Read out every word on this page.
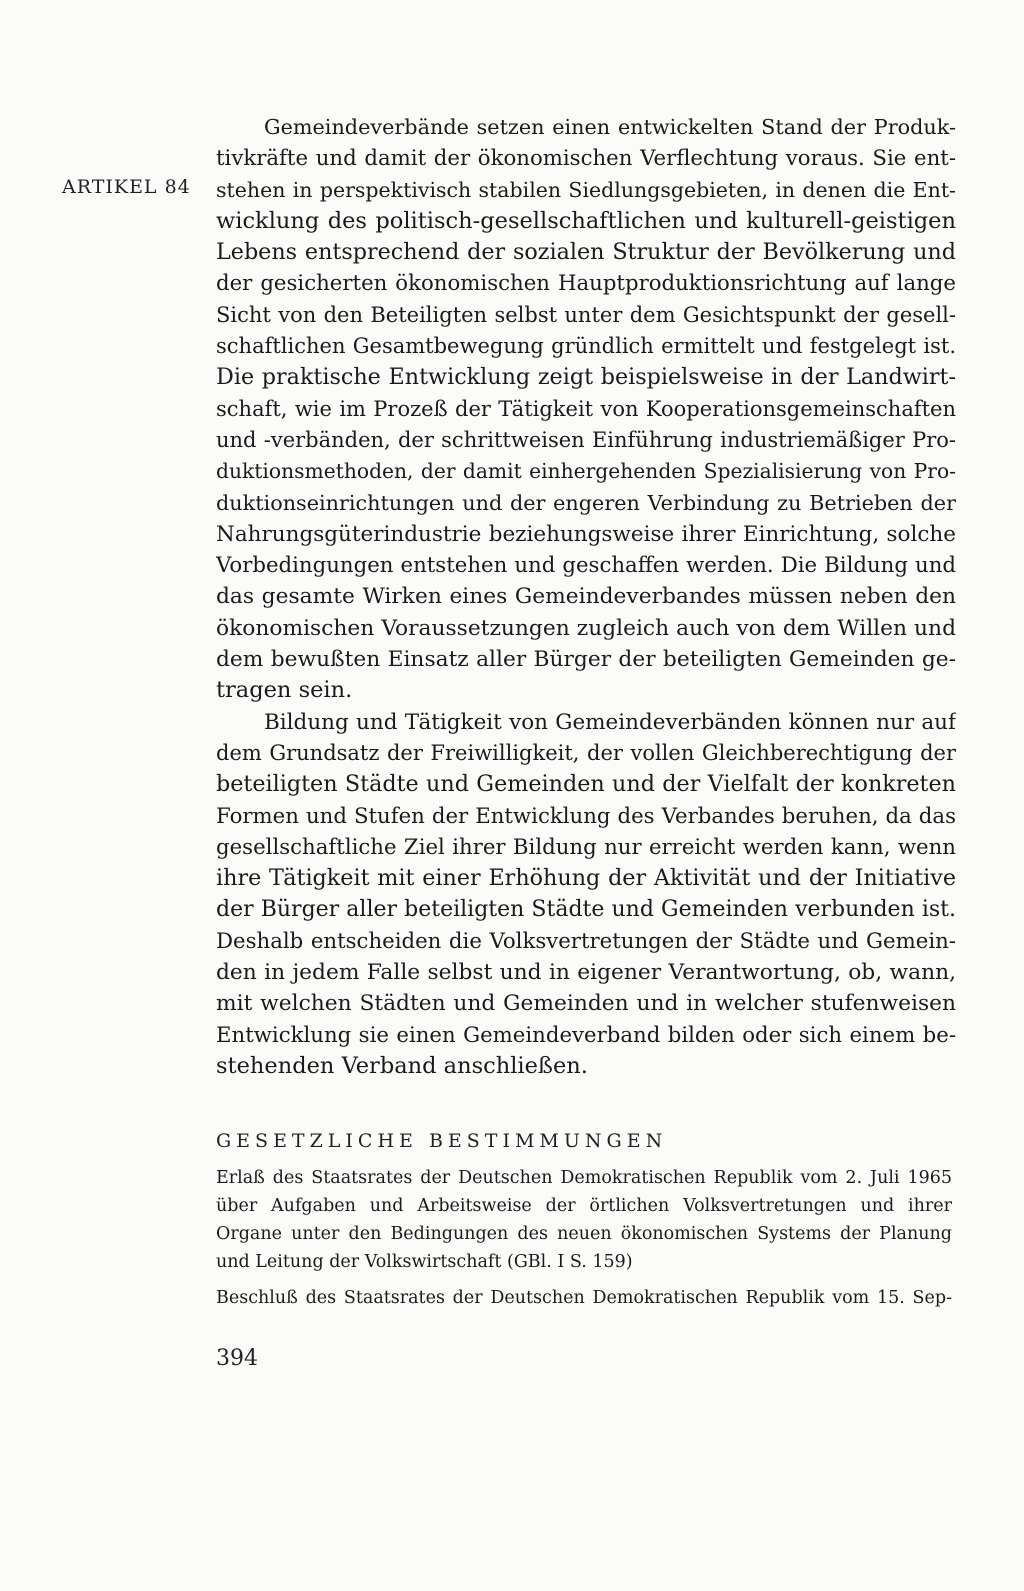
ARTIKEL 84
Gemeindeverbände setzen einen entwickelten Stand der Produk-
tivkräfte und damit der ökonomischen Verflechtung voraus. Sie ent-
stehen in perspektivisch stabilen Siedlungsgebieten, in denen die Ent-
wicklung des politisch-gesellschaftlichen und kulturell-geistigen
Lebens entsprechend der sozialen Struktur der Bevölkerung und
der gesicherten ökonomischen Hauptproduktionsrichtung auf lange
Sicht von den Beteiligten selbst unter dem Gesichtspunkt der gesell-
schaftlichen Gesamtbewegung gründlich ermittelt und festgelegt ist.
Die praktische Entwicklung zeigt beispielsweise in der Landwirt-
schaft, wie im Prozeß der Tätigkeit von Kooperationsgemeinschaften
und -verbänden, der schrittweisen Einführung industriemäßiger Pro-
duktionsmethoden, der damit einhergehenden Spezialisierung von Pro-
duktionseinrichtungen und der engeren Verbindung zu Betrieben der
Nahrungsgüterindustrie beziehungsweise ihrer Einrichtung, solche
Vorbedingungen entstehen und geschaffen werden. Die Bildung und
das gesamte Wirken eines Gemeindeverbandes müssen neben den
ökonomischen Voraussetzungen zugleich auch von dem Willen und
dem bewußten Einsatz aller Bürger der beteiligten Gemeinden ge-
tragen sein.
Bildung und Tätigkeit von Gemeindeverbänden können nur auf
dem Grundsatz der Freiwilligkeit, der vollen Gleichberechtigung der
beteiligten Städte und Gemeinden und der Vielfalt der konkreten
Formen und Stufen der Entwicklung des Verbandes beruhen, da das
gesellschaftliche Ziel ihrer Bildung nur erreicht werden kann, wenn
ihre Tätigkeit mit einer Erhöhung der Aktivität und der Initiative
der Bürger aller beteiligten Städte und Gemeinden verbunden ist.
Deshalb entscheiden die Volksvertretungen der Städte und Gemein-
den in jedem Falle selbst und in eigener Verantwortung, ob, wann,
mit welchen Städten und Gemeinden und in welcher stufenweisen
Entwicklung sie einen Gemeindeverband bilden oder sich einem be-
stehenden Verband anschließen.
GESETZLICHE BESTIMMUNGEN
Erlaß des Staatsrates der Deutschen Demokratischen Republik vom 2. Juli 1965
über Aufgaben und Arbeitsweise der örtlichen Volksvertretungen und ihrer
Organe unter den Bedingungen des neuen ökonomischen Systems der Planung
und Leitung der Volkswirtschaft (GBl. I S. 159)
Beschluß des Staatsrates der Deutschen Demokratischen Republik vom 15. Sep-
394
